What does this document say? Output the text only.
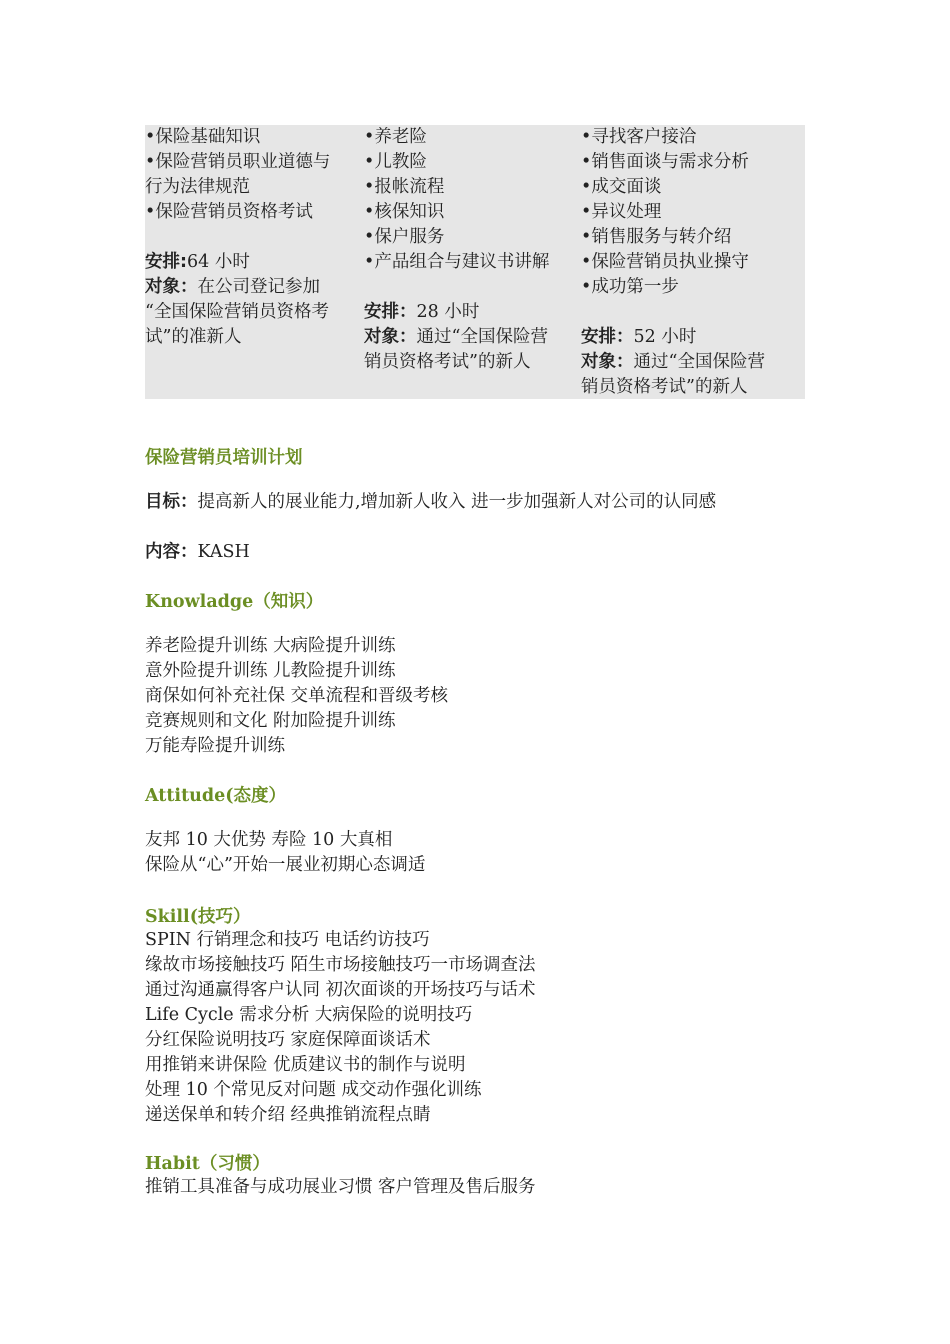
•保险基础知识
•保险营销员职业道德与
行为法律规范
•保险营销员资格考试
安排:64 小时
对象：在公司登记参加
“全国保险营销员资格考
试”的准新人
•养老险
•儿教险
•报帐流程
•核保知识
•保户服务
•产品组合与建议书讲解
安排：28 小时
对象：通过“全国保险营
销员资格考试”的新人
•寻找客户接洽
•销售面谈与需求分析
•成交面谈
•异议处理
•销售服务与转介绍
•保险营销员执业操守
•成功第一步
安排：52 小时
对象：通过“全国保险营
销员资格考试”的新人
保险营销员培训计划
目标：提高新人的展业能力,增加新人收入 进一步加强新人对公司的认同感
内容：KASH
Knowladge（知识）
养老险提升训练 大病险提升训练
意外险提升训练 儿教险提升训练
商保如何补充社保 交单流程和晋级考核
竞赛规则和文化 附加险提升训练
万能寿险提升训练
Attitude(态度）
友邦 10 大优势 寿险 10 大真相
保险从“心”开始一展业初期心态调适
Skill(技巧）
SPIN 行销理念和技巧 电话约访技巧
缘故市场接触技巧 陌生市场接触技巧一市场调查法
通过沟通赢得客户认同 初次面谈的开场技巧与话术
Life Cycle 需求分析 大病保险的说明技巧
分红保险说明技巧 家庭保障面谈话术
用推销来讲保险 优质建议书的制作与说明
处理 10 个常见反对问题 成交动作强化训练
递送保单和转介绍 经典推销流程点睛
Habit（习惯）
推销工具准备与成功展业习惯 客户管理及售后服务
